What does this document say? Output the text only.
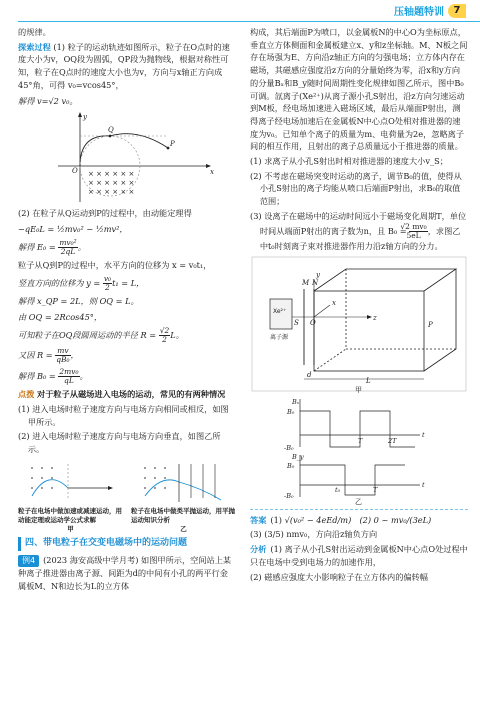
压轴题特训 7

的规律。

探索过程 (1) 粒子的运动轨迹如图所示，粒子在O点时的速度大小为v，OQ段为圆弧，QP段为抛物线，根据对称性可知，粒子在Q点时的速度大小也为v，方向与x轴正方向成45°角，可得 v₀=vcos45°，

解得 v=√2 v₀。

× × × × × ×
× × × × × ×
× × × × × ×
O	x
y
Q
P

(2) 在粒子从Q运动到P的过程中，由动能定理得

−qE₀L = ½mv₀² − ½mv²，

解得 $E_0 = \frac{\text{mv₀²}}{2qL}$ 。

粒子从Q到P的过程中，水平方向的位移为 x = v₀t₁，

竖直方向的位移为 $y = \frac{\text{v₀}}{2} t_1 = L$，

解得 x_QP = 2L，则 OQ = L。

由 OQ = 2Rcos45°，

可知粒子在OQ段圆周运动的半径 $R = \frac{√2}{2}$ L。

又因 $R = \frac{mv}{\text{qB₀}}$ ，

解得 $B_0 = \frac{\text{2mv₀}}{qL}$ 。

点拨 对于粒子从磁场进入电场的运动，常见的有两种情况

(1) 进入电场时粒子速度方向与电场方向相同或相反，如图甲所示。

(2) 进入电场时粒子速度方向与电场方向垂直，如图乙所示。

粒子在电场中做加速或减速运动，用动能定理或运动学公式求解
甲
粒子在电场中做类平抛运动，用平抛运动知识分析
乙
四、带电粒子在交变电磁场中的运动问题

例4 (2023 海安高级中学月考) 如图甲所示，空间站上某种离子推进器由离子源、间距为d的中间有小孔的两平行金属板M、N和边长为L的立方体

构成，其后端面P为喷口，以金属板N的中心O为坐标原点，垂直立方体侧面和金属板建立x、y和z坐标轴。M、N板之间存在场强为E、方向沿z轴正方向的匀强电场；立方体内存在磁场，其磁感应强度沿z方向的分量始终为零，沿x和y方向的分量Bₓ和B_y随时间周期性变化规律如图乙所示，图中B₀可调。氙离子(Xe²⁺)从离子源小孔S射出，沿z方向匀速运动到M板，经电场加速进入磁场区域，最后从端面P射出，测得离子经电场加速后在金属板N中心点O处相对推进器的速度为v₀。已知单个离子的质量为m、电荷量为2e，忽略离子间的相互作用，且射出的离子总质量远小于推进器的质量。

(1) 求离子从小孔S射出时相对推进器的速度大小v_S；

(2) 不考虑在磁场突变时运动的离子，调节B₀的值，使得从小孔S射出的离子均能从喷口后端面P射出，求B₀的取值范围；

(3) 设离子在磁场中的运动时间远小于磁场变化周期T，单位时间从端面P射出的离子数为n，且 $B_0 = \frac{\text{√2 mv₀}}{5eL}$ ，求图乙中t₀时刻离子束对推进器作用力沿z轴方向的分力。

Xe²⁺
离子源
M N
z
y
x
O
S	P
d
L
甲
Bₓ
B₀
-B₀
B_y
B₀
-B₀
t
t
T	2T
t₀	T
乙

答案 (1) √(v₀² − 4eEd/m)　 (2) 0 ~ mv₀/(3eL)

(3) (3/5) nmv₀，方向沿z轴负方向

分析 (1) 离子从小孔S射出运动到金属板N中心点O处过程中只在电场中受到电场力的加速作用，

(2) 磁感应强度大小影响粒子在立方体内的偏转幅
